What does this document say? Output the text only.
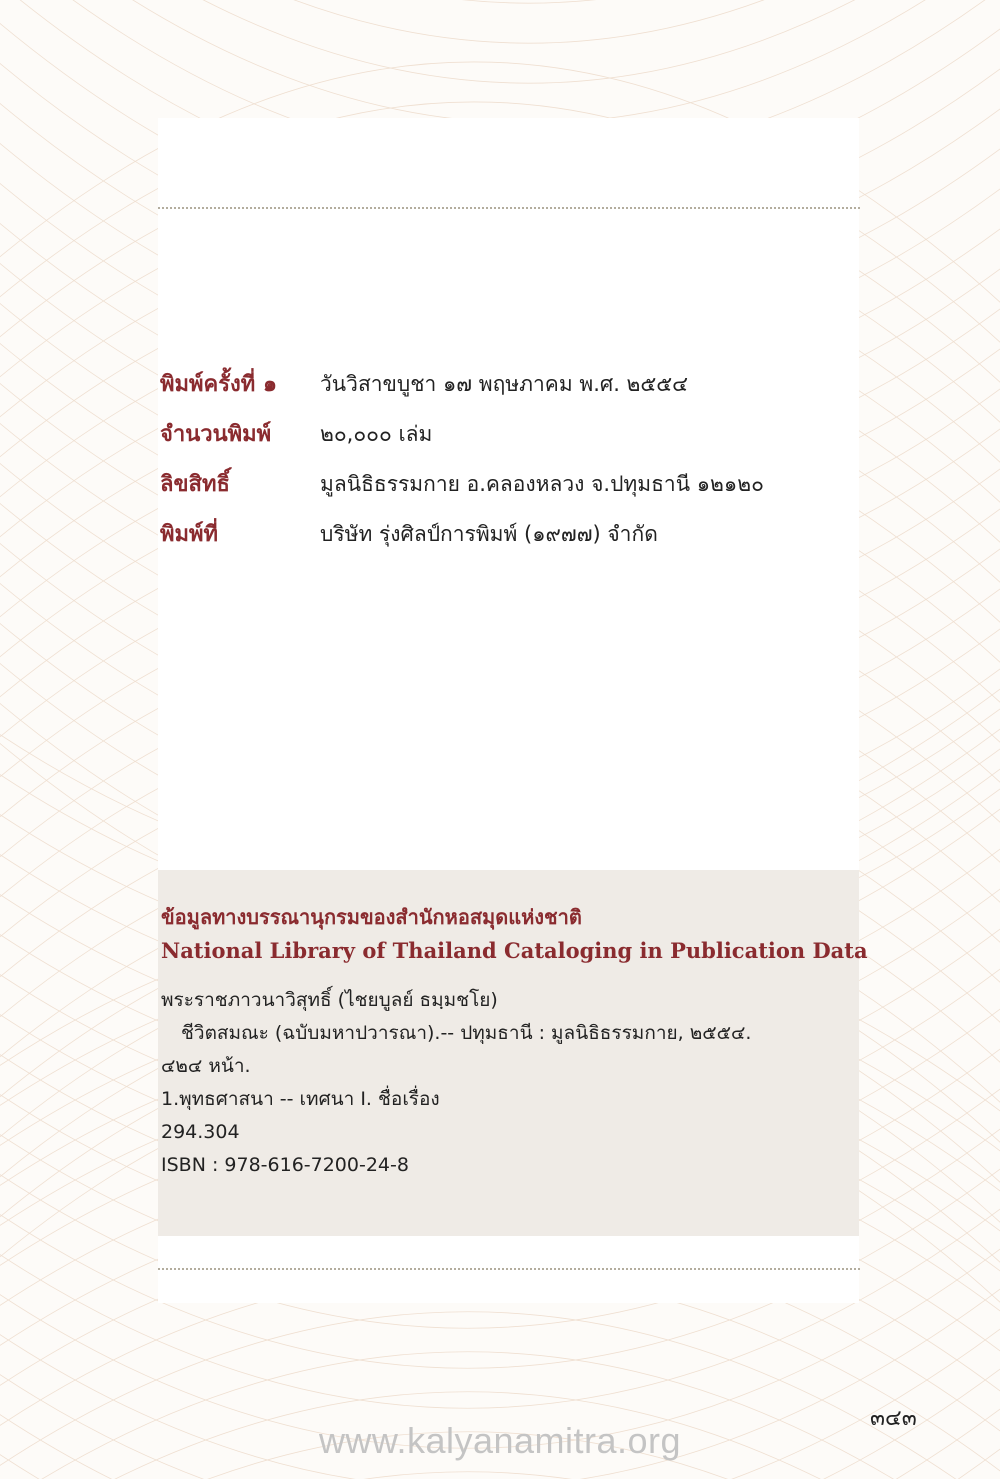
พิมพ์ครั้งที่ ๑	วันวิสาขบูชา ๑๗ พฤษภาคม พ.ศ. ๒๕๕๔
จำนวนพิมพ์	๒๐,๐๐๐ เล่ม
ลิขสิทธิ์	มูลนิธิธรรมกาย อ.คลองหลวง จ.ปทุมธานี ๑๒๑๒๐
พิมพ์ที่	บริษัท รุ่งศิลป์การพิมพ์ (๑๙๗๗) จำกัด
ข้อมูลทางบรรณานุกรมของสำนักหอสมุดแห่งชาติ
National Library of Thailand Cataloging in Publication Data
พระราชภาวนาวิสุทธิ์ (ไชยบูลย์ ธมฺมชโย)
ชีวิตสมณะ (ฉบับมหาปวารณา).-- ปทุมธานี : มูลนิธิธรรมกาย, ๒๕๕๔.
๔๒๔ หน้า.
1.พุทธศาสนา -- เทศนา I. ชื่อเรื่อง
294.304
ISBN : 978-616-7200-24-8
๓๔๓
www.kalyanamitra.org
